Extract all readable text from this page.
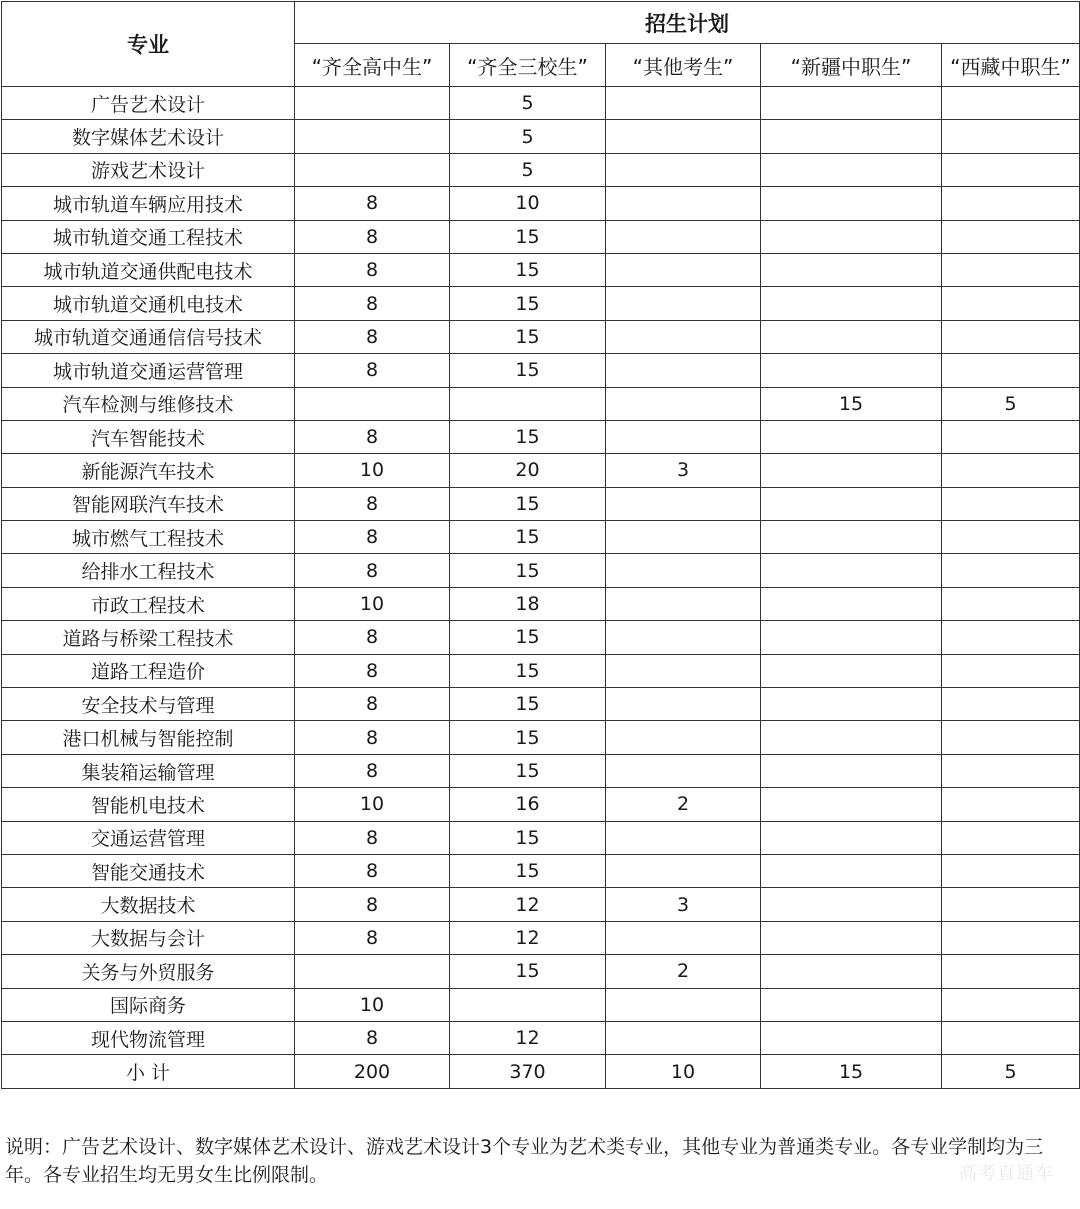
专业	招生计划				
	“齐全高中生”	“齐全三校生”	“其他考生”	“新疆中职生”	“西藏中职生”
广告艺术设计		5			
数字媒体艺术设计		5			
游戏艺术设计		5			
城市轨道车辆应用技术	8	10			
城市轨道交通工程技术	8	15			
城市轨道交通供配电技术	8	15			
城市轨道交通机电技术	8	15			
城市轨道交通通信信号技术	8	15			
城市轨道交通运营管理	8	15			
汽车检测与维修技术				15	5
汽车智能技术	8	15			
新能源汽车技术	10	20	3		
智能网联汽车技术	8	15			
城市燃气工程技术	8	15			
给排水工程技术	8	15			
市政工程技术	10	18			
道路与桥梁工程技术	8	15			
道路工程造价	8	15			
安全技术与管理	8	15			
港口机械与智能控制	8	15			
集装箱运输管理	8	15			
智能机电技术	10	16	2		
交通运营管理	8	15			
智能交通技术	8	15			
大数据技术	8	12	3		
大数据与会计	8	12			
关务与外贸服务		15	2		
国际商务	10				
现代物流管理	8	12			
小 计	200	370	10	15	5
说明：广告艺术设计、数字媒体艺术设计、游戏艺术设计3个专业为艺术类专业，其他专业为普通类专业。各专业学制均为三年。各专业招生均无男女生比例限制。	高考直通车
